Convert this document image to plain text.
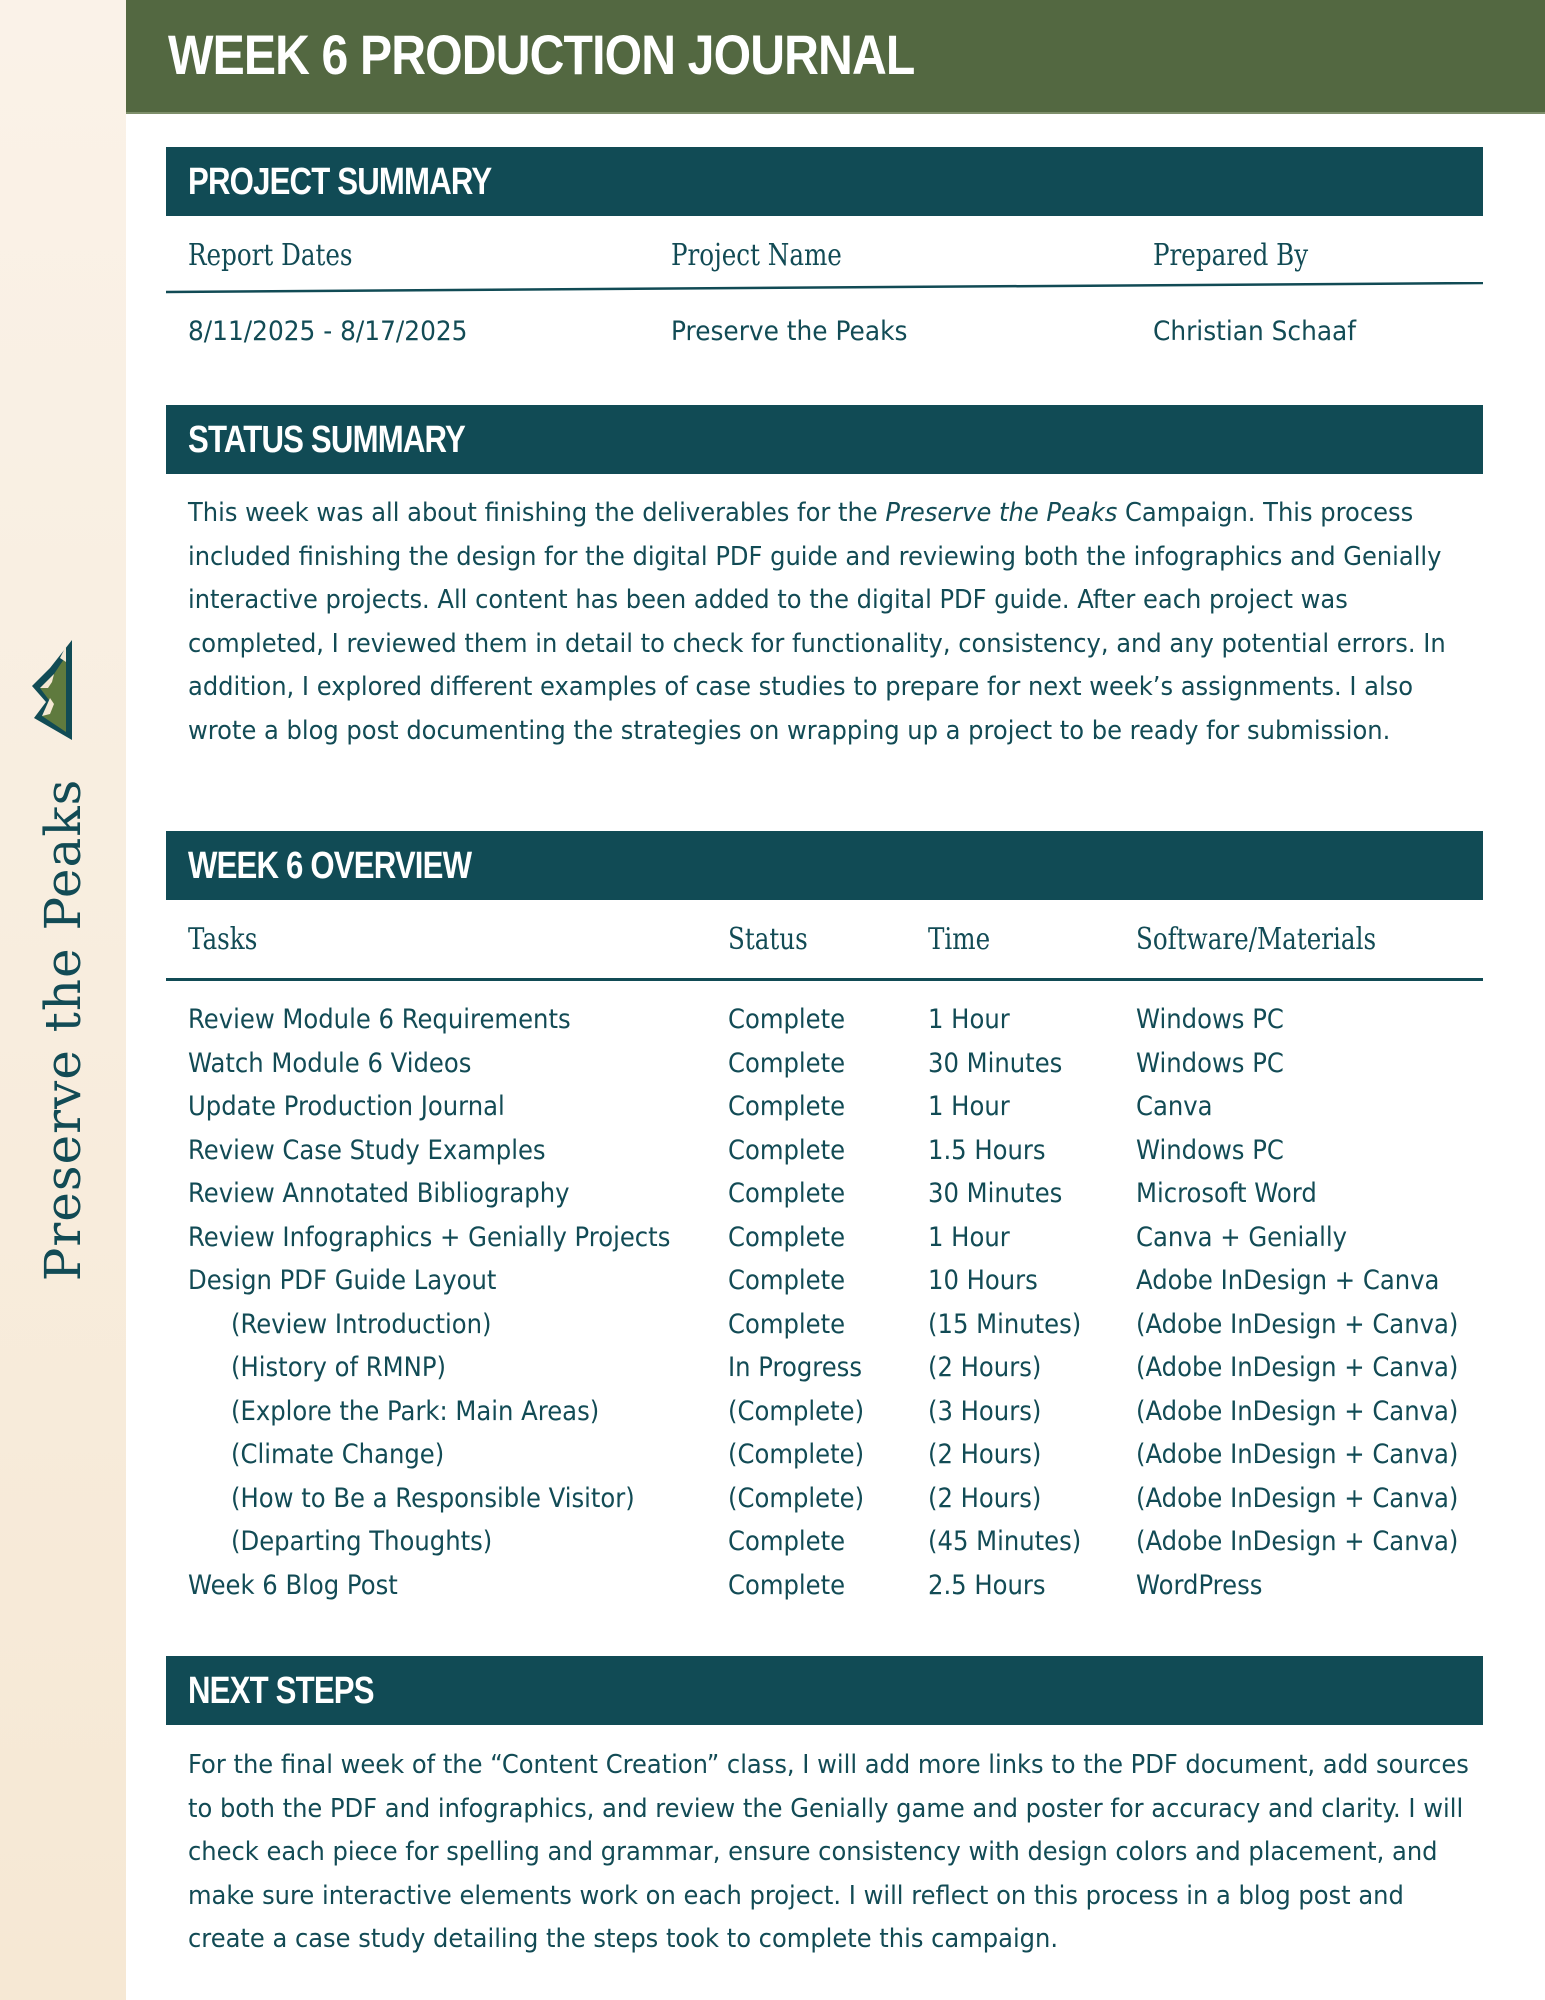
Preserve the Peaks
WEEK 6 PRODUCTION JOURNAL
PROJECT SUMMARY
Report Dates	Project Name	Prepared By
8/11/2025 - 8/17/2025	Preserve the Peaks	Christian Schaaf
STATUS SUMMARY

This week was all about finishing the deliverables for the Preserve the Peaks Campaign. This process included finishing the design for the digital PDF guide and reviewing both the infographics and Genially interactive projects. All content has been added to the digital PDF guide. After each project was completed, I reviewed them in detail to check for functionality, consistency, and any potential errors. In addition, I explored different examples of case studies to prepare for next week’s assignments. I also wrote a blog post documenting the strategies on wrapping up a project to be ready for submission.

WEEK 6 OVERVIEW
Tasks	Status	Time	Software/Materials
Review Module 6 Requirements	Complete	1 Hour	Windows PC
Watch Module 6 Videos	Complete	30 Minutes	Windows PC
Update Production Journal	Complete	1 Hour	Canva
Review Case Study Examples	Complete	1.5 Hours	Windows PC
Review Annotated Bibliography	Complete	30 Minutes	Microsoft Word
Review Infographics + Genially Projects Complete	1 Hour	Canva + Genially
Design PDF Guide Layout	Complete	10 Hours	Adobe InDesign + Canva
(Review Introduction)	Complete	(15 Minutes) (Adobe InDesign + Canva)
(History of RMNP)	In Progress (2 Hours)	(Adobe InDesign + Canva)
(Explore the Park: Main Areas)	(Complete) (3 Hours)	(Adobe InDesign + Canva)
(Climate Change)	(Complete) (2 Hours)	(Adobe InDesign + Canva)
(How to Be a Responsible Visitor)	(Complete) (2 Hours)	(Adobe InDesign + Canva)
(Departing Thoughts)	Complete	(45 Minutes) (Adobe InDesign + Canva)
Week 6 Blog Post	Complete	2.5 Hours	WordPress
NEXT STEPS

For the final week of the “Content Creation” class, I will add more links to the PDF document, add sources to both the PDF and infographics, and review the Genially game and poster for accuracy and clarity. I will check each piece for spelling and grammar, ensure consistency with design colors and placement, and make sure interactive elements work on each project. I will reflect on this process in a blog post and create a case study detailing the steps took to complete this campaign.
